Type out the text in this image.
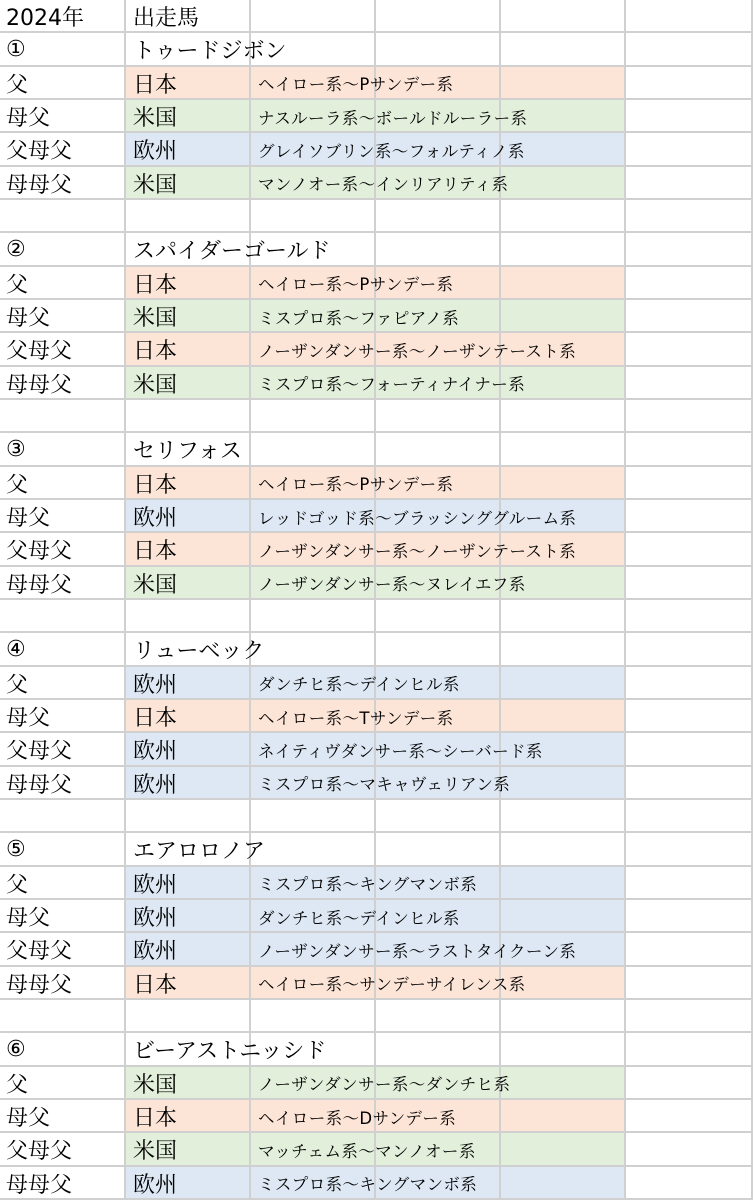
2024年 出走馬
①	トゥードジボン
父	日本	ヘイロー系～Pサンデー系
母父	米国	ナスルーラ系～ボールドルーラー系
父母父	欧州	グレイソブリン系～フォルティノ系
母母父	米国	マンノオー系～インリアリティ系
②	スパイダーゴールド
父	日本	ヘイロー系～Pサンデー系
母父	米国	ミスプロ系～ファピアノ系
父母父	日本	ノーザンダンサー系～ノーザンテースト系
母母父	米国	ミスプロ系～フォーティナイナー系
③	セリフォス
父	日本	ヘイロー系～Pサンデー系
母父	欧州	レッドゴッド系～ブラッシンググルーム系
父母父	日本	ノーザンダンサー系～ノーザンテースト系
母母父	米国	ノーザンダンサー系～ヌレイエフ系
④	リューベック
父	欧州	ダンチヒ系～デインヒル系
母父	日本	ヘイロー系～Tサンデー系
父母父	欧州	ネイティヴダンサー系～シーバード系
母母父	欧州	ミスプロ系～マキャヴェリアン系
⑤	エアロロノア
父	欧州	ミスプロ系～キングマンボ系
母父	欧州	ダンチヒ系～デインヒル系
父母父	欧州	ノーザンダンサー系～ラストタイクーン系
母母父	日本	ヘイロー系～サンデーサイレンス系
⑥	ビーアストニッシド
父	米国	ノーザンダンサー系～ダンチヒ系
母父	日本	ヘイロー系～Dサンデー系
父母父	米国	マッチェム系～マンノオー系
母母父	欧州	ミスプロ系～キングマンボ系
